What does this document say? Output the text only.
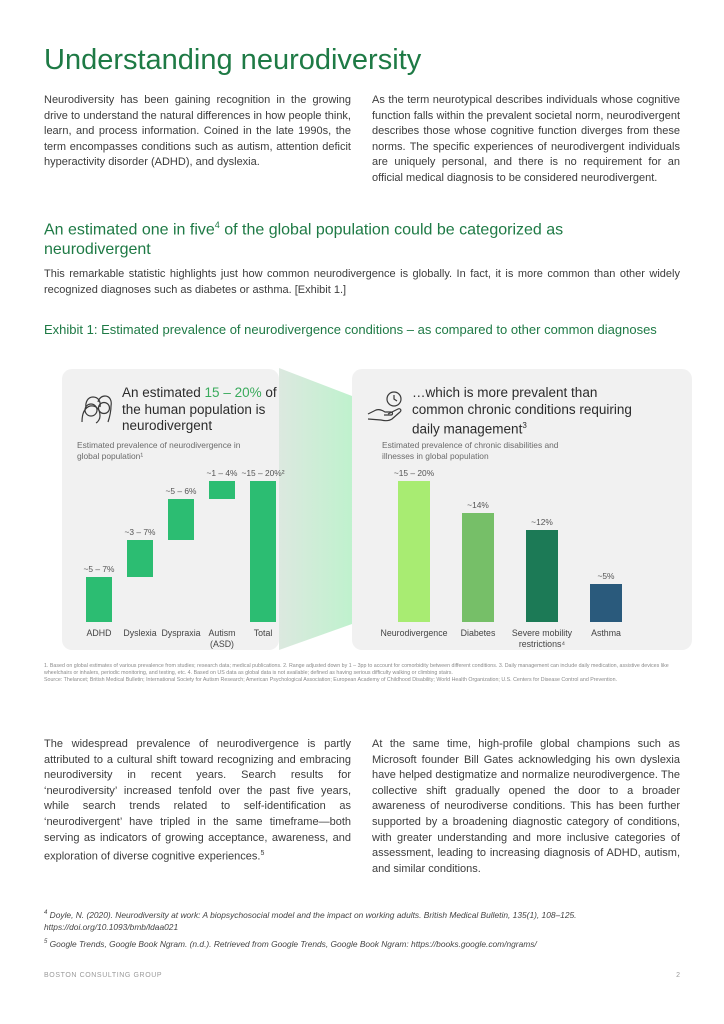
Understanding neurodiversity

Neurodiversity has been gaining recognition in the growing drive to understand the natural differences in how people think, learn, and process information. Coined in the late 1990s, the term encompasses conditions such as autism, attention deficit hyperactivity disorder (ADHD), and dyslexia.

As the term neurotypical describes individuals whose cognitive function falls within the prevalent societal norm, neurodivergent describes those whose cognitive function diverges from these norms. The specific experiences of neurodivergent individuals are uniquely personal, and there is no requirement for an official medical diagnosis to be considered neurodivergent.

An estimated one in five$^4$ of the global population could be categorized as neurodivergent

This remarkable statistic highlights just how common neurodivergence is globally. In fact, it is more common than other widely recognized diagnoses such as diabetes or asthma. [Exhibit 1.]

Exhibit 1: Estimated prevalence of neurodivergence conditions – as compared to other common diagnoses
An estimated 15 – 20% of the human population is neurodivergent
Estimated prevalence of neurodivergence in global population¹
~5 – 7%
ADHD
~3 – 7%
Dyslexia
~5 – 6%
Dyspraxia
~1 – 4%
Autism
(ASD)
~15 – 20%²
Total
…which is more prevalent than common chronic conditions requiring daily management$^3$
Estimated prevalence of chronic disabilities and illnesses in global population
~15 – 20%
Neurodivergence
~14%
Diabetes
~12%
Severe mobility
restrictions⁴
~5%
Asthma
1. Based on global estimates of various prevalence from studies; research data; medical publications. 2. Range adjusted down by 1 – 3pp to account for comorbidity between different conditions. 3. Daily management can include daily medication, assistive devices like wheelchairs or inhalers, periodic monitoring, and testing, etc. 4. Based on US data as global data is not available; defined as having serious difficulty walking or climbing stairs.
Source: Thelancet; British Medical Bulletin; International Society for Autism Research; American Psychological Association; European Academy of Childhood Disability; World Health Organization; U.S. Centers for Disease Control and Prevention.

The widespread prevalence of neurodivergence is partly attributed to a cultural shift toward recognizing and embracing neurodiversity in recent years. Search results for ‘neurodiversity’ increased tenfold over the past five years, while search trends related to self-identification as ‘neurodivergent’ have tripled in the same timeframe—both serving as indicators of growing acceptance, awareness, and exploration of diverse cognitive experiences.$^5$

At the same time, high-profile global champions such as Microsoft founder Bill Gates acknowledging his own dyslexia have helped destigmatize and normalize neurodivergence. The collective shift gradually opened the door to a broader awareness of neurodiverse conditions. This has been further supported by a broadening diagnostic category of conditions, with greater understanding and more inclusive categories of assessment, leading to increasing diagnosis of ADHD, autism, and similar conditions.

$^4$ Doyle, N. (2020). Neurodiversity at work: A biopsychosocial model and the impact on working adults. British Medical Bulletin, 135(1), 108–125. https://doi.org/10.1093/bmb/ldaa021
$^5$ Google Trends, Google Book Ngram. (n.d.). Retrieved from Google Trends, Google Book Ngram: https://books.google.com/ngrams/
BOSTON CONSULTING GROUP	2
